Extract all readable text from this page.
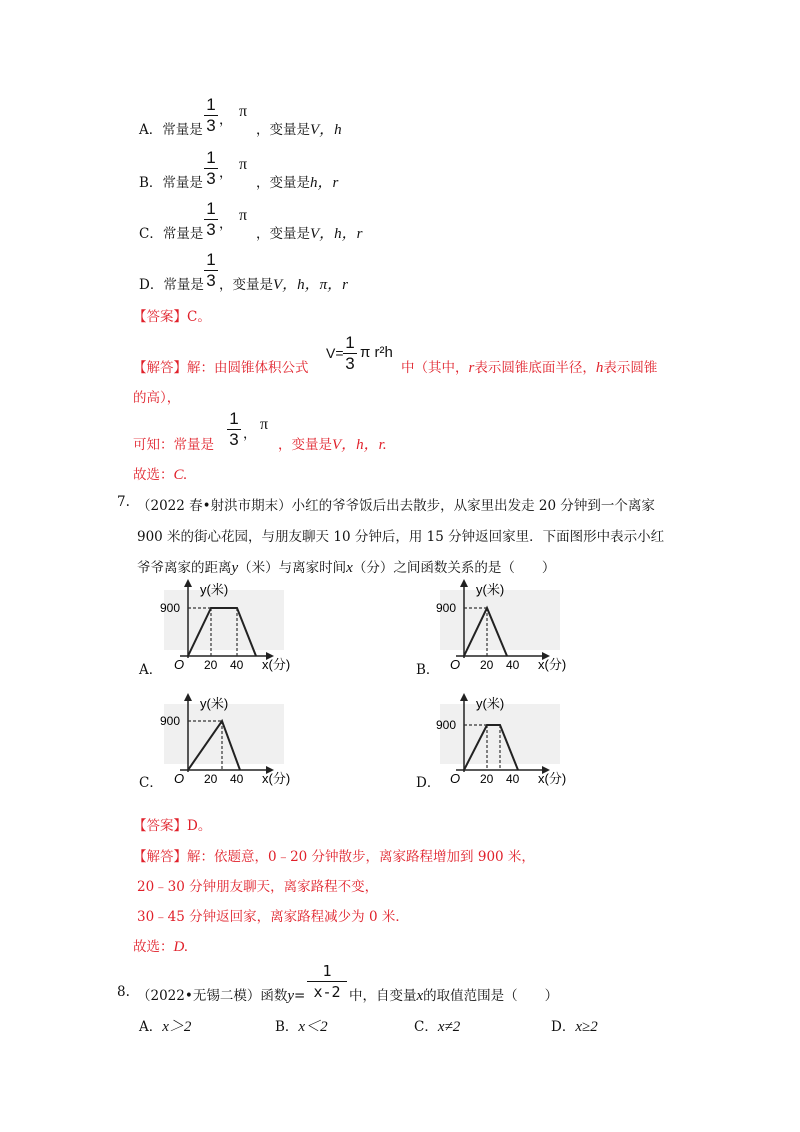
A．常量是
1
3 ， π
，变量是V，h
B．常量是
1
3 ， π
，变量是h，r
C．常量是
1
3 ， π
，变量是V，h，r
D．常量是
1
3 ，变量是V，h，π，r
【答案】C。
【解答】解：由圆锥体积公式
V=
1
3
π r²h
中（其中，r表示圆锥底面半径，h表示圆锥
的高），
可知：常量是
1
3 ，
π
，变量是V，h，r.
故选：C.
7. （2022 春•射洪市期末）小红的爷爷饭后出去散步，从家里出发走 20 分钟到一个离家
900 米的街心花园，与朋友聊天 10 分钟后，用 15 分钟返回家里．下面图形中表示小红
爷爷离家的距离y（米）与离家时间x（分）之间函数关系的是（　　）
A．
y(米)
900
O 20 40 x(分)	B．
y(米)
900
O 20 40 x(分)
C．
y(米)
900
O 20 40 x(分)	D．
y(米)
900
O 20 40 x(分)
【答案】D。
【解答】解：依题意，0﹣20 分钟散步，离家路程增加到 900 米，
20﹣30 分钟朋友聊天，离家路程不变，
30﹣45 分钟返回家，离家路程减少为 0 米．
故选：D.
8. （2022•无锡二模）函数y=
1
x-2 中，自变量x的取值范围是（　　）
A．x＞2	B．x＜2	C．x≠2	D．x≥2
